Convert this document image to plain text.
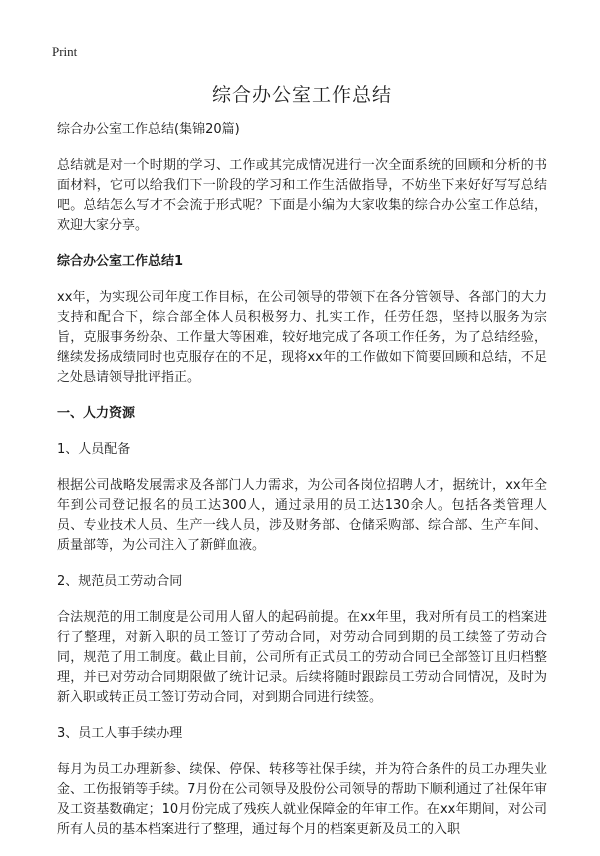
Print
综合办公室工作总结
综合办公室工作总结(集锦20篇)

总结就是对一个时期的学习、工作或其完成情况进行一次全面系统的回顾和分析的书面材料，它可以给我们下一阶段的学习和工作生活做指导，不妨坐下来好好写写总结吧。总结怎么写才不会流于形式呢？下面是小编为大家收集的综合办公室工作总结，欢迎大家分享。

综合办公室工作总结1

xx年，为实现公司年度工作目标，在公司领导的带领下在各分管领导、各部门的大力支持和配合下，综合部全体人员积极努力、扎实工作，任劳任怨，坚持以服务为宗旨，克服事务纷杂、工作量大等困难，较好地完成了各项工作任务，为了总结经验，继续发扬成绩同时也克服存在的不足，现将xx年的工作做如下简要回顾和总结，不足之处恳请领导批评指正。

一、人力资源
1、人员配备

根据公司战略发展需求及各部门人力需求，为公司各岗位招聘人才，据统计，xx年全年到公司登记报名的员工达300人，通过录用的员工达130余人。包括各类管理人员、专业技术人员、生产一线人员，涉及财务部、仓储采购部、综合部、生产车间、质量部等，为公司注入了新鲜血液。

2、规范员工劳动合同

合法规范的用工制度是公司用人留人的起码前提。在xx年里，我对所有员工的档案进行了整理，对新入职的员工签订了劳动合同，对劳动合同到期的员工续签了劳动合同，规范了用工制度。截止目前，公司所有正式员工的劳动合同已全部签订且归档整理，并已对劳动合同期限做了统计记录。后续将随时跟踪员工劳动合同情况，及时为新入职或转正员工签订劳动合同，对到期合同进行续签。

3、员工人事手续办理

每月为员工办理新参、续保、停保、转移等社保手续，并为符合条件的员工办理失业金、工伤报销等手续。7月份在公司领导及股份公司领导的帮助下顺利通过了社保年审及工资基数确定；10月份完成了残疾人就业保障金的年审工作。在xx年期间，对公司所有人员的基本档案进行了整理，通过每个月的档案更新及员工的入职
